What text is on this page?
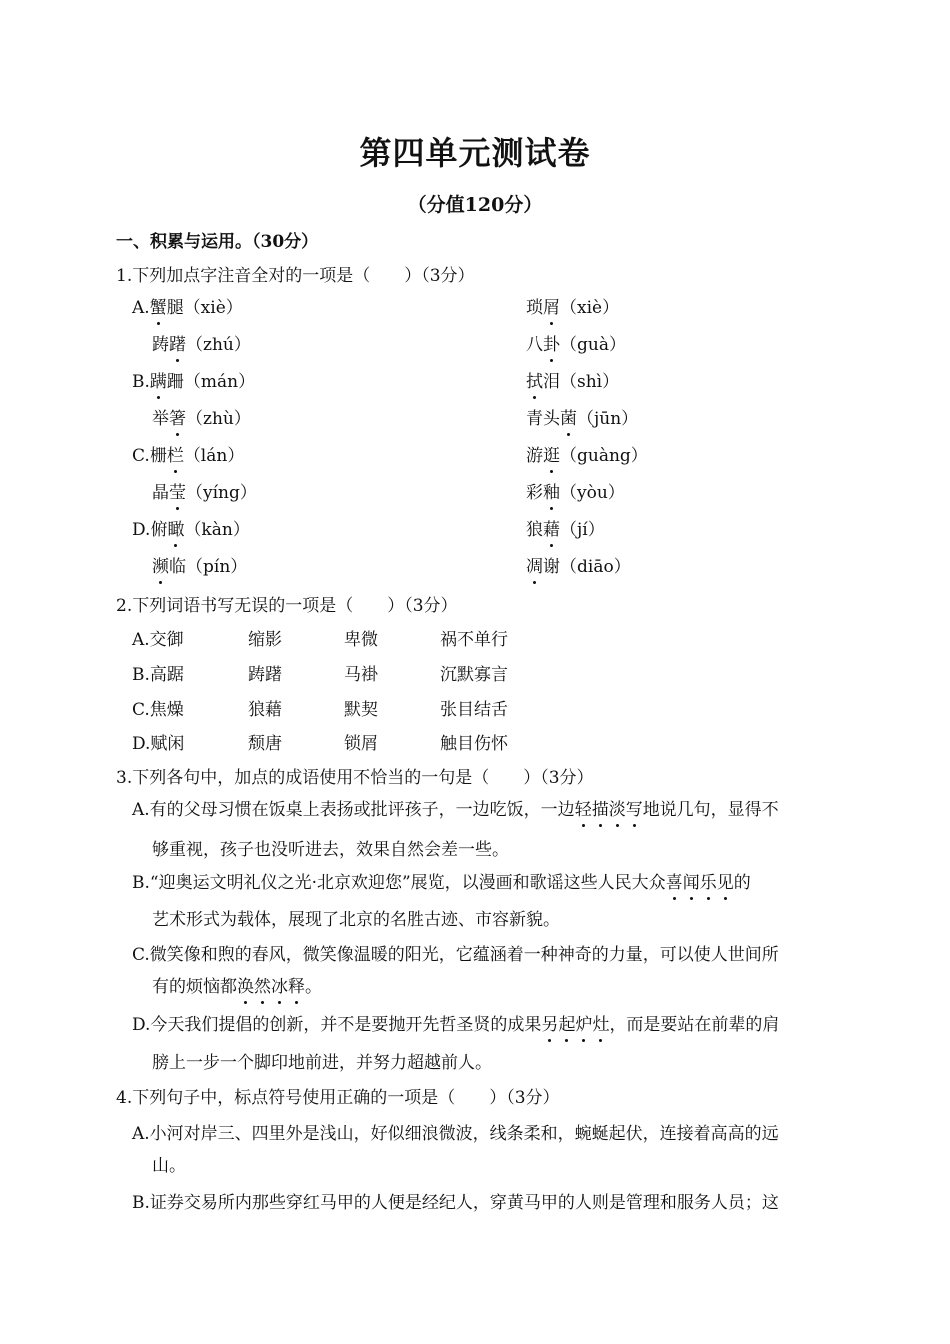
第四单元测试卷
（分值120分）
一、积累与运用。（30分）
1.下列加点字注音全对的一项是（　　）（3分）
A.蟹腿（xiè）	琐屑（xiè）
踌躇（zhú）	八卦（guà）
B.蹒跚（mán）	拭泪（shì）
举箸（zhù）	青头菌（jūn）
C.栅栏（lán）	游逛（guàng）
晶莹（yíng）	彩釉（yòu）
D.俯瞰（kàn）	狼藉（jí）
濒临（pín）	凋谢（diāo）
2.下列词语书写无误的一项是（　　）（3分）
A.交御	缩影	卑微	祸不单行
B.高踞	踌躇	马褂	沉默寡言
C.焦燥	狼藉	默契	张目结舌
D.赋闲	颓唐	锁屑	触目伤怀
3.下列各句中，加点的成语使用不恰当的一句是（　　）（3分）
A.有的父母习惯在饭桌上表扬或批评孩子，一边吃饭，一边轻描淡写地说几句，显得不
够重视，孩子也没听进去，效果自然会差一些。
B.“迎奥运文明礼仪之光·北京欢迎您”展览，以漫画和歌谣这些人民大众喜闻乐见的
艺术形式为载体，展现了北京的名胜古迹、市容新貌。
C.微笑像和煦的春风，微笑像温暖的阳光，它蕴涵着一种神奇的力量，可以使人世间所
有的烦恼都涣然冰释。
D.今天我们提倡的创新，并不是要抛开先哲圣贤的成果另起炉灶，而是要站在前辈的肩
膀上一步一个脚印地前进，并努力超越前人。
4.下列句子中，标点符号使用正确的一项是（　　）（3分）
A.小河对岸三、四里外是浅山，好似细浪微波，线条柔和，蜿蜒起伏，连接着高高的远
山。
B.证券交易所内那些穿红马甲的人便是经纪人，穿黄马甲的人则是管理和服务人员；这
